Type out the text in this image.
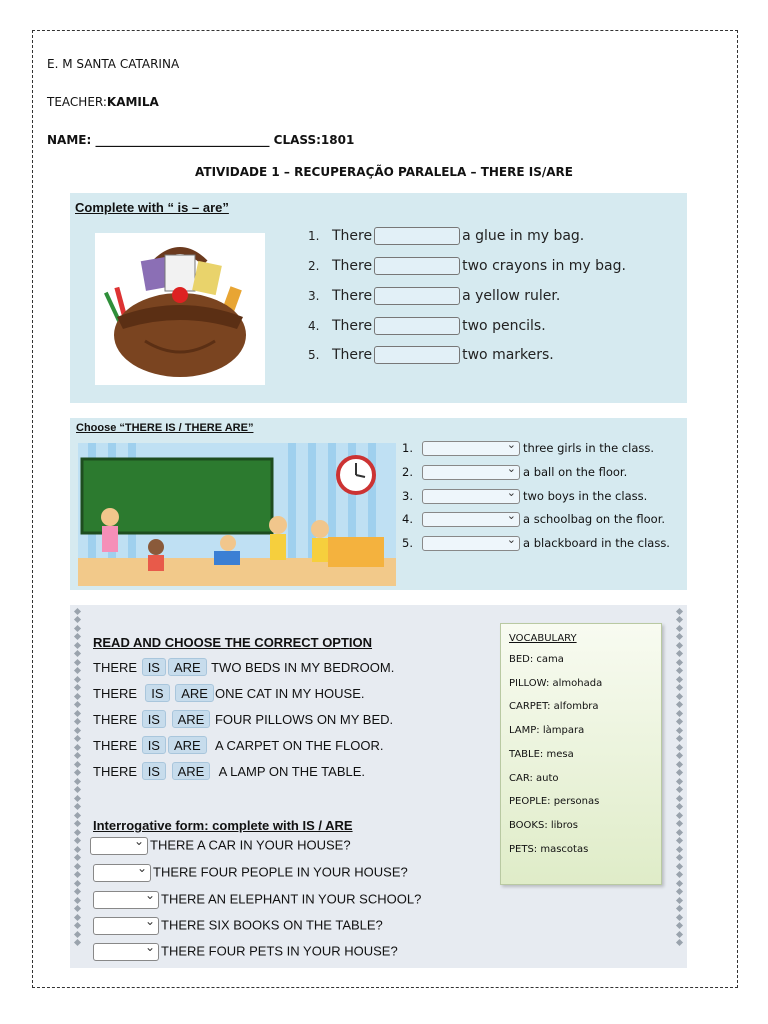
E. M SANTA CATARINA
TEACHER:KAMILA
NAME: _____________________________ CLASS:1801
ATIVIDADE 1 – RECUPERAÇÃO PARALELA – THERE IS/ARE
Complete with “ is – are”
1. There	a glue in my bag.
2. There	two crayons in my bag.
3. There	a yellow ruler.
4. There	two pencils.
5. There	two markers.
Choose “THERE IS / THERE ARE”
1. ⌄	three girls in the class.
2. ⌄	a ball on the floor.
3. ⌄	two boys in the class.
4. ⌄	a schoolbag on the floor.
5. ⌄	a blackboard in the class.
READ AND CHOOSE THE CORRECT OPTION
THERE IS ARE TWO BEDS IN MY BEDROOM.
THERE IS ARE ONE CAT IN MY HOUSE.
THERE IS ARE FOUR PILLOWS ON MY BED.
THERE IS ARE A CARPET ON THE FLOOR.
THERE IS ARE A LAMP ON THE TABLE.
Interrogative form: complete with IS / ARE
⌄THERE A CAR IN YOUR HOUSE?
⌄THERE FOUR PEOPLE IN YOUR HOUSE?
⌄THERE AN ELEPHANT IN YOUR SCHOOL?
⌄THERE SIX BOOKS ON THE TABLE?
⌄THERE FOUR PETS IN YOUR HOUSE?
VOCABULARY
BED: cama
PILLOW: almohada
CARPET: alfombra
LAMP: làmpara
TABLE: mesa
CAR: auto
PEOPLE: personas
BOOKS: libros
PETS: mascotas
